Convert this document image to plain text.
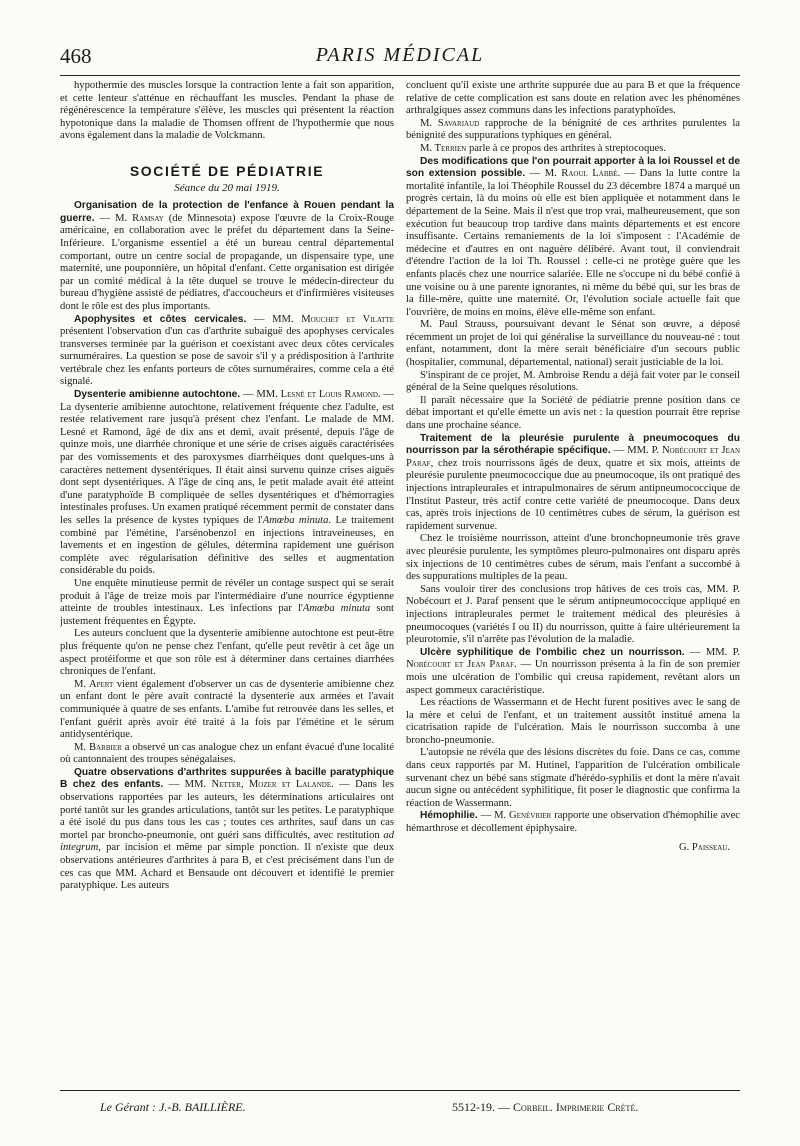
468	PARIS MÉDICAL

hypothermie des muscles lorsque la contraction lente a fait son apparition, et cette lenteur s'atténue en réchauffant les muscles. Pendant la phase de régénérescence la température s'élève, les muscles qui présentent la réaction hypotonique dans la maladie de Thomsen offrent de l'hypothermie que nous avons également dans la maladie de Volckmann.

SOCIÉTÉ DE PÉDIATRIE
Séance du 20 mai 1919.

Organisation de la protection de l'enfance à Rouen pendant la guerre. — M. Ramsay (de Minnesota) expose l'œuvre de la Croix-Rouge américaine, en collaboration avec le préfet du département dans la Seine-Inférieure. L'organisme essentiel a été un bureau central départemental comportant, outre un centre social de propagande, un dispensaire type, une maternité, une pouponnière, un hôpital d'enfant. Cette organisation est dirigée par un comité médical à la tête duquel se trouve le médecin-directeur du bureau d'hygiène assisté de pédiatres, d'accoucheurs et d'infirmières visiteuses dont le rôle est des plus importants.

Apophysites et côtes cervicales. — MM. Mouchet et Vilatte présentent l'observation d'un cas d'arthrite subaiguë des apophyses cervicales transverses terminée par la guérison et coexistant avec deux côtes cervicales surnuméraires. La question se pose de savoir s'il y a prédisposition à l'arthrite vertébrale chez les enfants porteurs de côtes surnuméraires, comme cela a été signalé.

Dysenterie amibienne autochtone. — MM. Lesné et Louis Ramond. — La dysenterie amibienne autochtone, relativement fréquente chez l'adulte, est restée relativement rare jusqu'à présent chez l'enfant. Le malade de MM. Lesné et Ramond, âgé de dix ans et demi, avait présenté, depuis l'âge de quinze mois, une diarrhée chronique et une série de crises aiguës caractérisées par des vomissements et des paroxysmes diarrhéiques dont quelques-uns à caractères nettement dysentériques. Il était ainsi survenu quinze crises aiguës dont sept dysentériques. A l'âge de cinq ans, le petit malade avait été atteint d'une paratyphoïde B compliquée de selles dysentériques et d'hémorragies intestinales profuses. Un examen pratiqué récemment permit de constater dans les selles la présence de kystes typiques de l'Amœba minuta. Le traitement combiné par l'émétine, l'arsénobenzol en injections intraveineuses, en lavements et en ingestion de gélules, détermina rapidement une guérison complète avec régularisation définitive des selles et augmentation considérable du poids.

Une enquête minutieuse permit de révéler un contage suspect qui se serait produit à l'âge de treize mois par l'intermédiaire d'une nourrice égyptienne atteinte de troubles intestinaux. Les infections par l'Amœba minuta sont justement fréquentes en Égypte.

Les auteurs concluent que la dysenterie amibienne autochtone est peut-être plus fréquente qu'on ne pense chez l'enfant, qu'elle peut revêtir à cet âge un aspect protéiforme et que son rôle est à déterminer dans certaines diarrhées chroniques de l'enfant.

M. Apert vient également d'observer un cas de dysenterie amibienne chez un enfant dont le père avait contracté la dysenterie aux armées et l'avait communiquée à quatre de ses enfants. L'amibe fut retrouvée dans les selles, et l'enfant guérit après avoir été traité à la fois par l'émétine et le sérum antidysentérique.

M. Barbier a observé un cas analogue chez un enfant évacué d'une localité où cantonnaient des troupes sénégalaises.

Quatre observations d'arthrites suppurées à bacille paratyphique B chez des enfants. — MM. Netter, Mozer et Lalande. — Dans les observations rapportées par les auteurs, les déterminations articulaires ont porté tantôt sur les grandes articulations, tantôt sur les petites. Le paratyphique a été isolé du pus dans tous les cas ; toutes ces arthrites, sauf dans un cas mortel par broncho-pneumonie, ont guéri sans difficultés, avec restitution ad integrum, par incision et même par simple ponction. Il n'existe que deux observations antérieures d'arthrites à para B, et c'est précisément dans l'un de ces cas que MM. Achard et Bensaude ont découvert et identifié le premier paratyphique. Les auteurs

concluent qu'il existe une arthrite suppurée due au para B et que la fréquence relative de cette complication est sans doute en relation avec les phénomènes arthralgiques assez communs dans les infections paratyphoïdes.

M. Savariaud rapproche de la bénignité de ces arthrites purulentes la bénignité des suppurations typhiques en général.

M. Terrien parle à ce propos des arthrites à streptocoques.

Des modifications que l'on pourrait apporter à la loi Roussel et de son extension possible. — M. Raoul Labbé. — Dans la lutte contre la mortalité infantile, la loi Théophile Roussel du 23 décembre 1874 a marqué un progrès certain, là du moins où elle est bien appliquée et notamment dans le département de la Seine. Mais il n'est que trop vrai, malheureusement, que son exécution fut beaucoup trop tardive dans maints départements et est encore insuffisante. Certains remaniements de la loi s'imposent : l'Académie de médecine et d'autres en ont naguère délibéré. Avant tout, il conviendrait d'étendre l'action de la loi Th. Roussel : celle-ci ne protège guère que les enfants placés chez une nourrice salariée. Elle ne s'occupe ni du bébé confié à une voisine ou à une parente ignorantes, ni même du bébé qui, sur les bras de la fille-mère, quitte une maternité. Or, l'évolution sociale actuelle fait que l'ouvrière, de moins en moins, élève elle-même son enfant.

M. Paul Strauss, poursuivant devant le Sénat son œuvre, a déposé récemment un projet de loi qui généralise la surveillance du nouveau-né : tout enfant, notamment, dont la mère serait bénéficiaire d'un secours public (hospitalier, communal, départemental, national) serait justiciable de la loi.

S'inspirant de ce projet, M. Ambroise Rendu a déjà fait voter par le conseil général de la Seine quelques résolutions.

Il paraît nécessaire que la Société de pédiatrie prenne position dans ce débat important et qu'elle émette un avis net : la question pourrait être reprise dans une prochaine séance.

Traitement de la pleurésie purulente à pneumocoques du nourrisson par la sérothérapie spécifique. — MM. P. Nobécourt et Jean Paraf, chez trois nourrissons âgés de deux, quatre et six mois, atteints de pleurésie purulente pneumococcique due au pneumocoque, ils ont pratiqué des injections intrapleurales et intrapulmonaires de sérum antipneumococcique de l'Institut Pasteur, très actif contre cette variété de pneumocoque. Dans deux cas, après trois injections de 10 centimètres cubes de sérum, la guérison est rapidement survenue.

Chez le troisième nourrisson, atteint d'une bronchopneumonie très grave avec pleurésie purulente, les symptômes pleuro-pulmonaires ont disparu après six injections de 10 centimètres cubes de sérum, mais l'enfant a succombé à des suppurations multiples de la peau.

Sans vouloir tirer des conclusions trop hâtives de ces trois cas, MM. P. Nobécourt et J. Paraf pensent que le sérum antipneumococcique appliqué en injections intrapleurales permet le traitement médical des pleurésies à pneumocoques (variétés I ou II) du nourrisson, quitte à faire ultérieurement la pleurotomie, s'il n'arrête pas l'évolution de la maladie.

Ulcère syphilitique de l'ombilic chez un nourrisson. — MM. P. Nobécourt et Jean Paraf. — Un nourrisson présenta à la fin de son premier mois une ulcération de l'ombilic qui creusa rapidement, revêtant alors un aspect gommeux caractéristique.

Les réactions de Wassermann et de Hecht furent positives avec le sang de la mère et celui de l'enfant, et un traitement aussitôt institué amena la cicatrisation rapide de l'ulcération. Mais le nourrisson succomba à une broncho-pneumonie.

L'autopsie ne révéla que des lésions discrètes du foie. Dans ce cas, comme dans ceux rapportés par M. Hutinel, l'apparition de l'ulcération ombilicale survenant chez un bébé sans stigmate d'hérédo-syphilis et dont la mère n'avait aucun signe ou antécédent syphilitique, fit poser le diagnostic que confirma la réaction de Wassermann.

Hémophilie. — M. Genévrier rapporte une observation d'hémophilie avec hémarthrose et décollement épiphysaire.

G. Paisseau.
Le Gérant : J.-B. BAILLIÈRE.	5512-19. — Corbeil. Imprimerie Crété.
